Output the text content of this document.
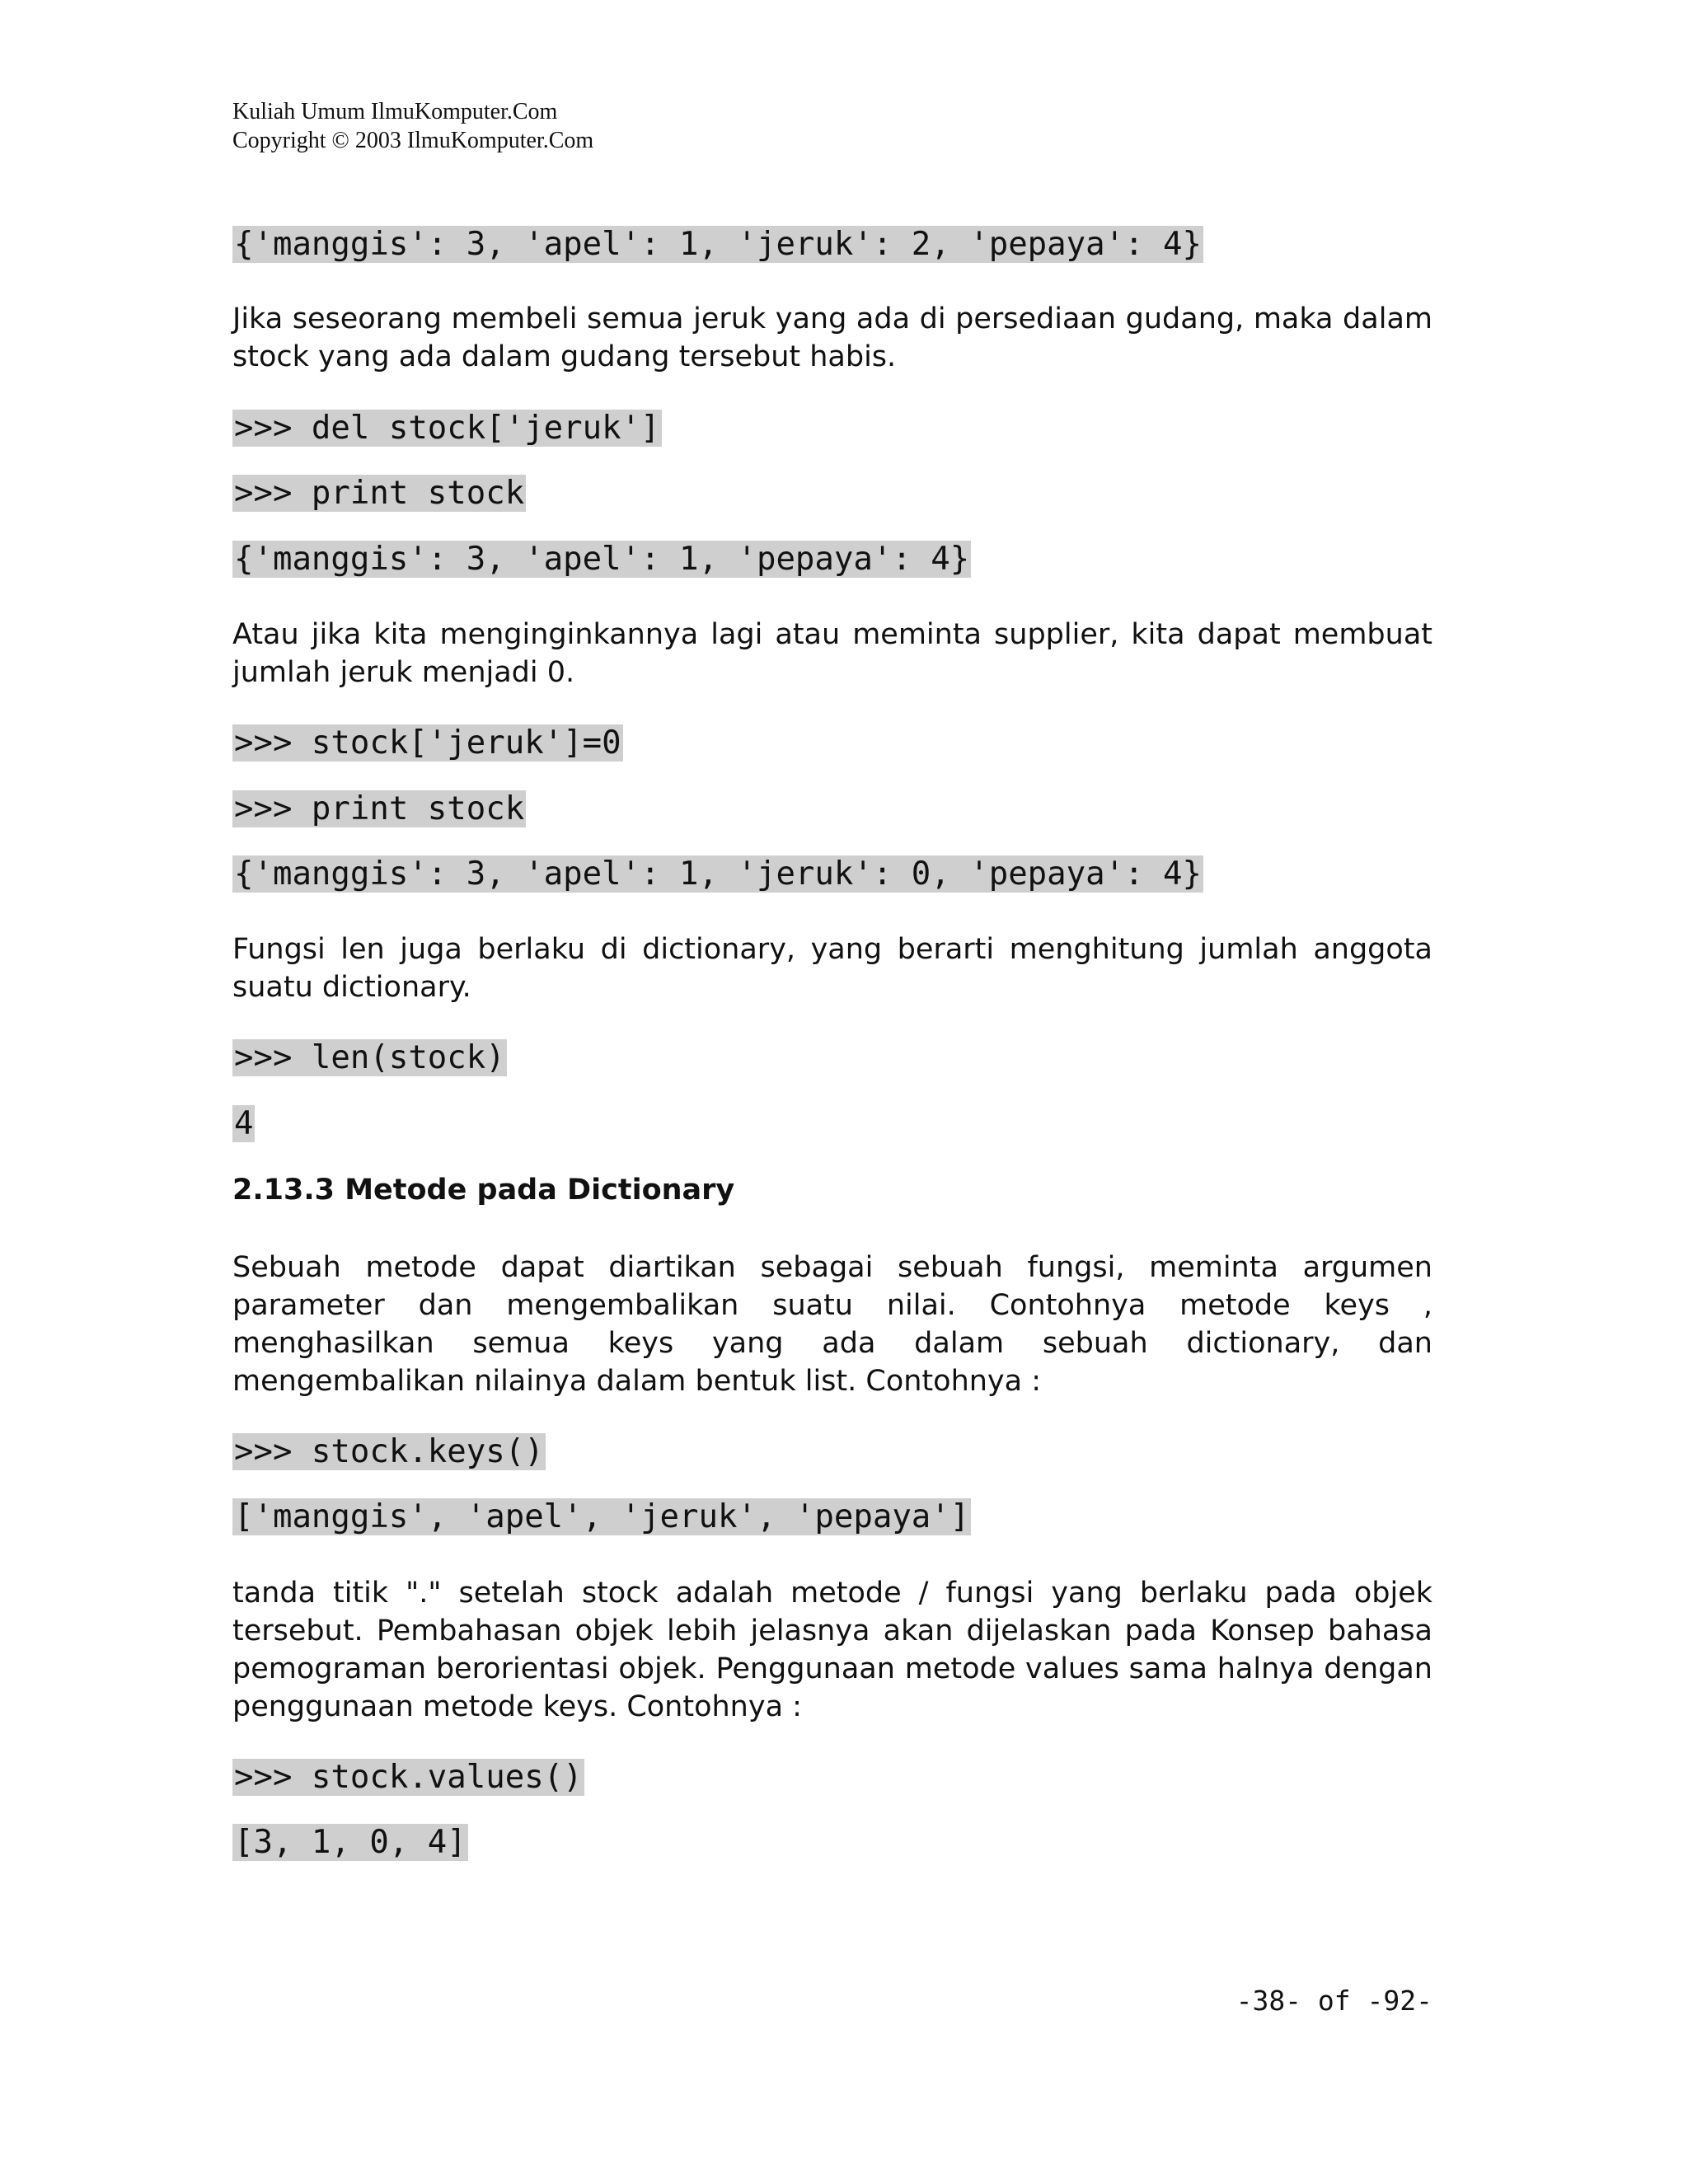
Kuliah Umum IlmuKomputer.Com
Copyright © 2003 IlmuKomputer.Com
{'manggis': 3, 'apel': 1, 'jeruk': 2, 'pepaya': 4}
Jika seseorang membeli semua jeruk yang ada di persediaan gudang, maka dalam stock yang ada dalam gudang tersebut habis.
>>> del stock['jeruk']
>>> print stock
{'manggis': 3, 'apel': 1, 'pepaya': 4}
Atau jika kita menginginkannya lagi atau meminta supplier, kita dapat membuat jumlah jeruk menjadi 0.
>>> stock['jeruk']=0
>>> print stock
{'manggis': 3, 'apel': 1, 'jeruk': 0, 'pepaya': 4}
Fungsi len juga berlaku di dictionary, yang berarti menghitung jumlah anggota suatu dictionary.
>>> len(stock)
4
2.13.3 Metode pada Dictionary
Sebuah metode dapat diartikan sebagai sebuah fungsi, meminta argumen parameter dan mengembalikan suatu nilai. Contohnya metode keys , menghasilkan semua keys yang ada dalam sebuah dictionary, dan mengembalikan nilainya dalam bentuk list. Contohnya :
>>> stock.keys()
['manggis', 'apel', 'jeruk', 'pepaya']
tanda titik "." setelah stock adalah metode / fungsi yang berlaku pada objek tersebut. Pembahasan objek lebih jelasnya akan dijelaskan pada Konsep bahasa pemograman berorientasi objek. Penggunaan metode values sama halnya dengan penggunaan metode keys. Contohnya :
>>> stock.values()
[3, 1, 0, 4]
-38- of -92-
